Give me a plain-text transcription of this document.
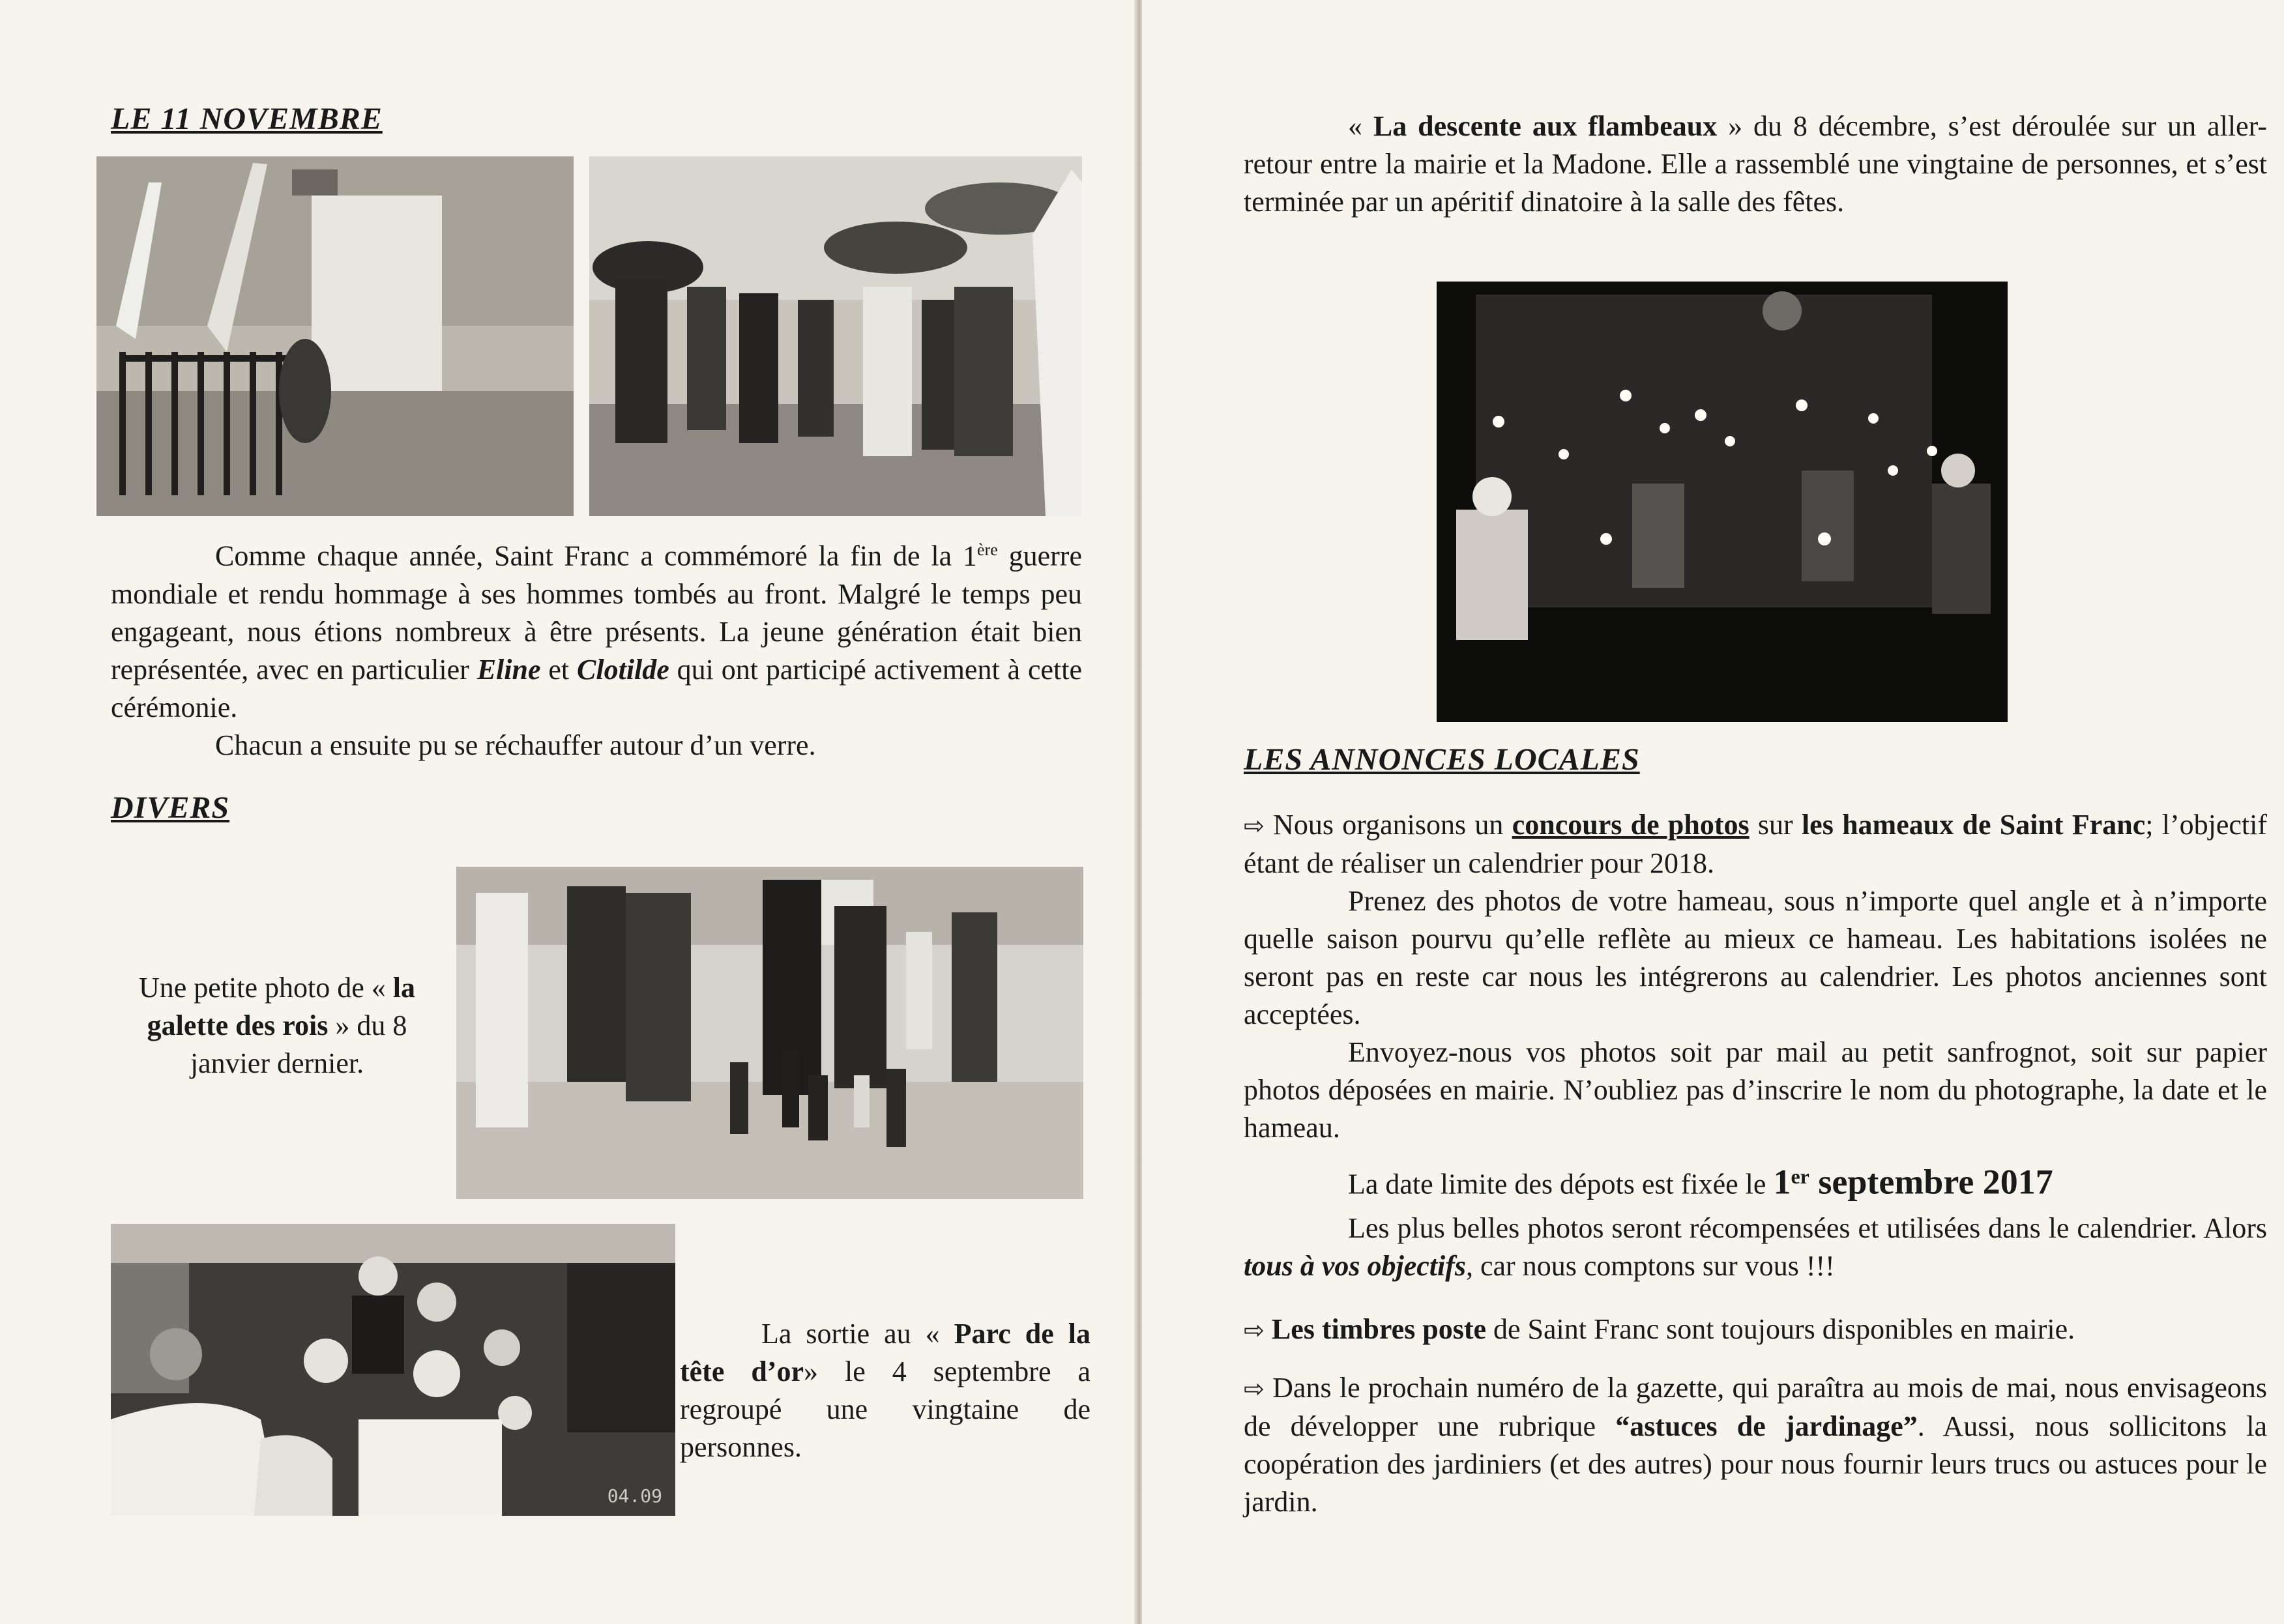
LE 11 NOVEMBRE
Comme chaque année, Saint Franc a commémoré la fin de la 1ère guerre mondiale et rendu hommage à ses hommes tombés au front. Malgré le temps peu engageant, nous étions nombreux à être présents. La jeune génération était bien représentée, avec en particulier Eline et Clotilde qui ont participé activement à cette cérémonie.
Chacun a ensuite pu se réchauffer autour d’un verre.
DIVERS
Une petite photo de « la galette des rois » du 8 janvier dernier.
04.09
La sortie au « Parc de la tête d’or» le 4 septembre a regroupé une vingtaine de personnes.
« La descente aux flambeaux » du 8 décembre, s’est déroulée sur un aller-retour entre la mairie et la Madone. Elle a rassemblé une vingtaine de personnes, et s’est terminée par un apéritif dinatoire à la salle des fêtes.
LES ANNONCES LOCALES
⇨ Nous organisons un concours de photos sur les hameaux de Saint Franc; l’objectif étant de réaliser un calendrier pour 2018.
Prenez des photos de votre hameau, sous n’importe quel angle et à n’importe quelle saison pourvu qu’elle reflète au mieux ce hameau. Les habitations isolées ne seront pas en reste car nous les intégrerons au calendrier. Les photos anciennes sont acceptées.
Envoyez-nous vos photos soit par mail au petit sanfrognot, soit sur papier photos déposées en mairie. N’oubliez pas d’inscrire le nom du photographe, la date et le hameau.
La date limite des dépots est fixée le 1er septembre 2017
Les plus belles photos seront récompensées et utilisées dans le calendrier. Alors tous à vos objectifs, car nous comptons sur vous !!!
⇨ Les timbres poste de Saint Franc sont toujours disponibles en mairie.
⇨ Dans le prochain numéro de la gazette, qui paraîtra au mois de mai, nous envisageons de développer une rubrique “astuces de jardinage”. Aussi, nous sollicitons la coopération des jardiniers (et des autres) pour nous fournir leurs trucs ou astuces pour le jardin.
